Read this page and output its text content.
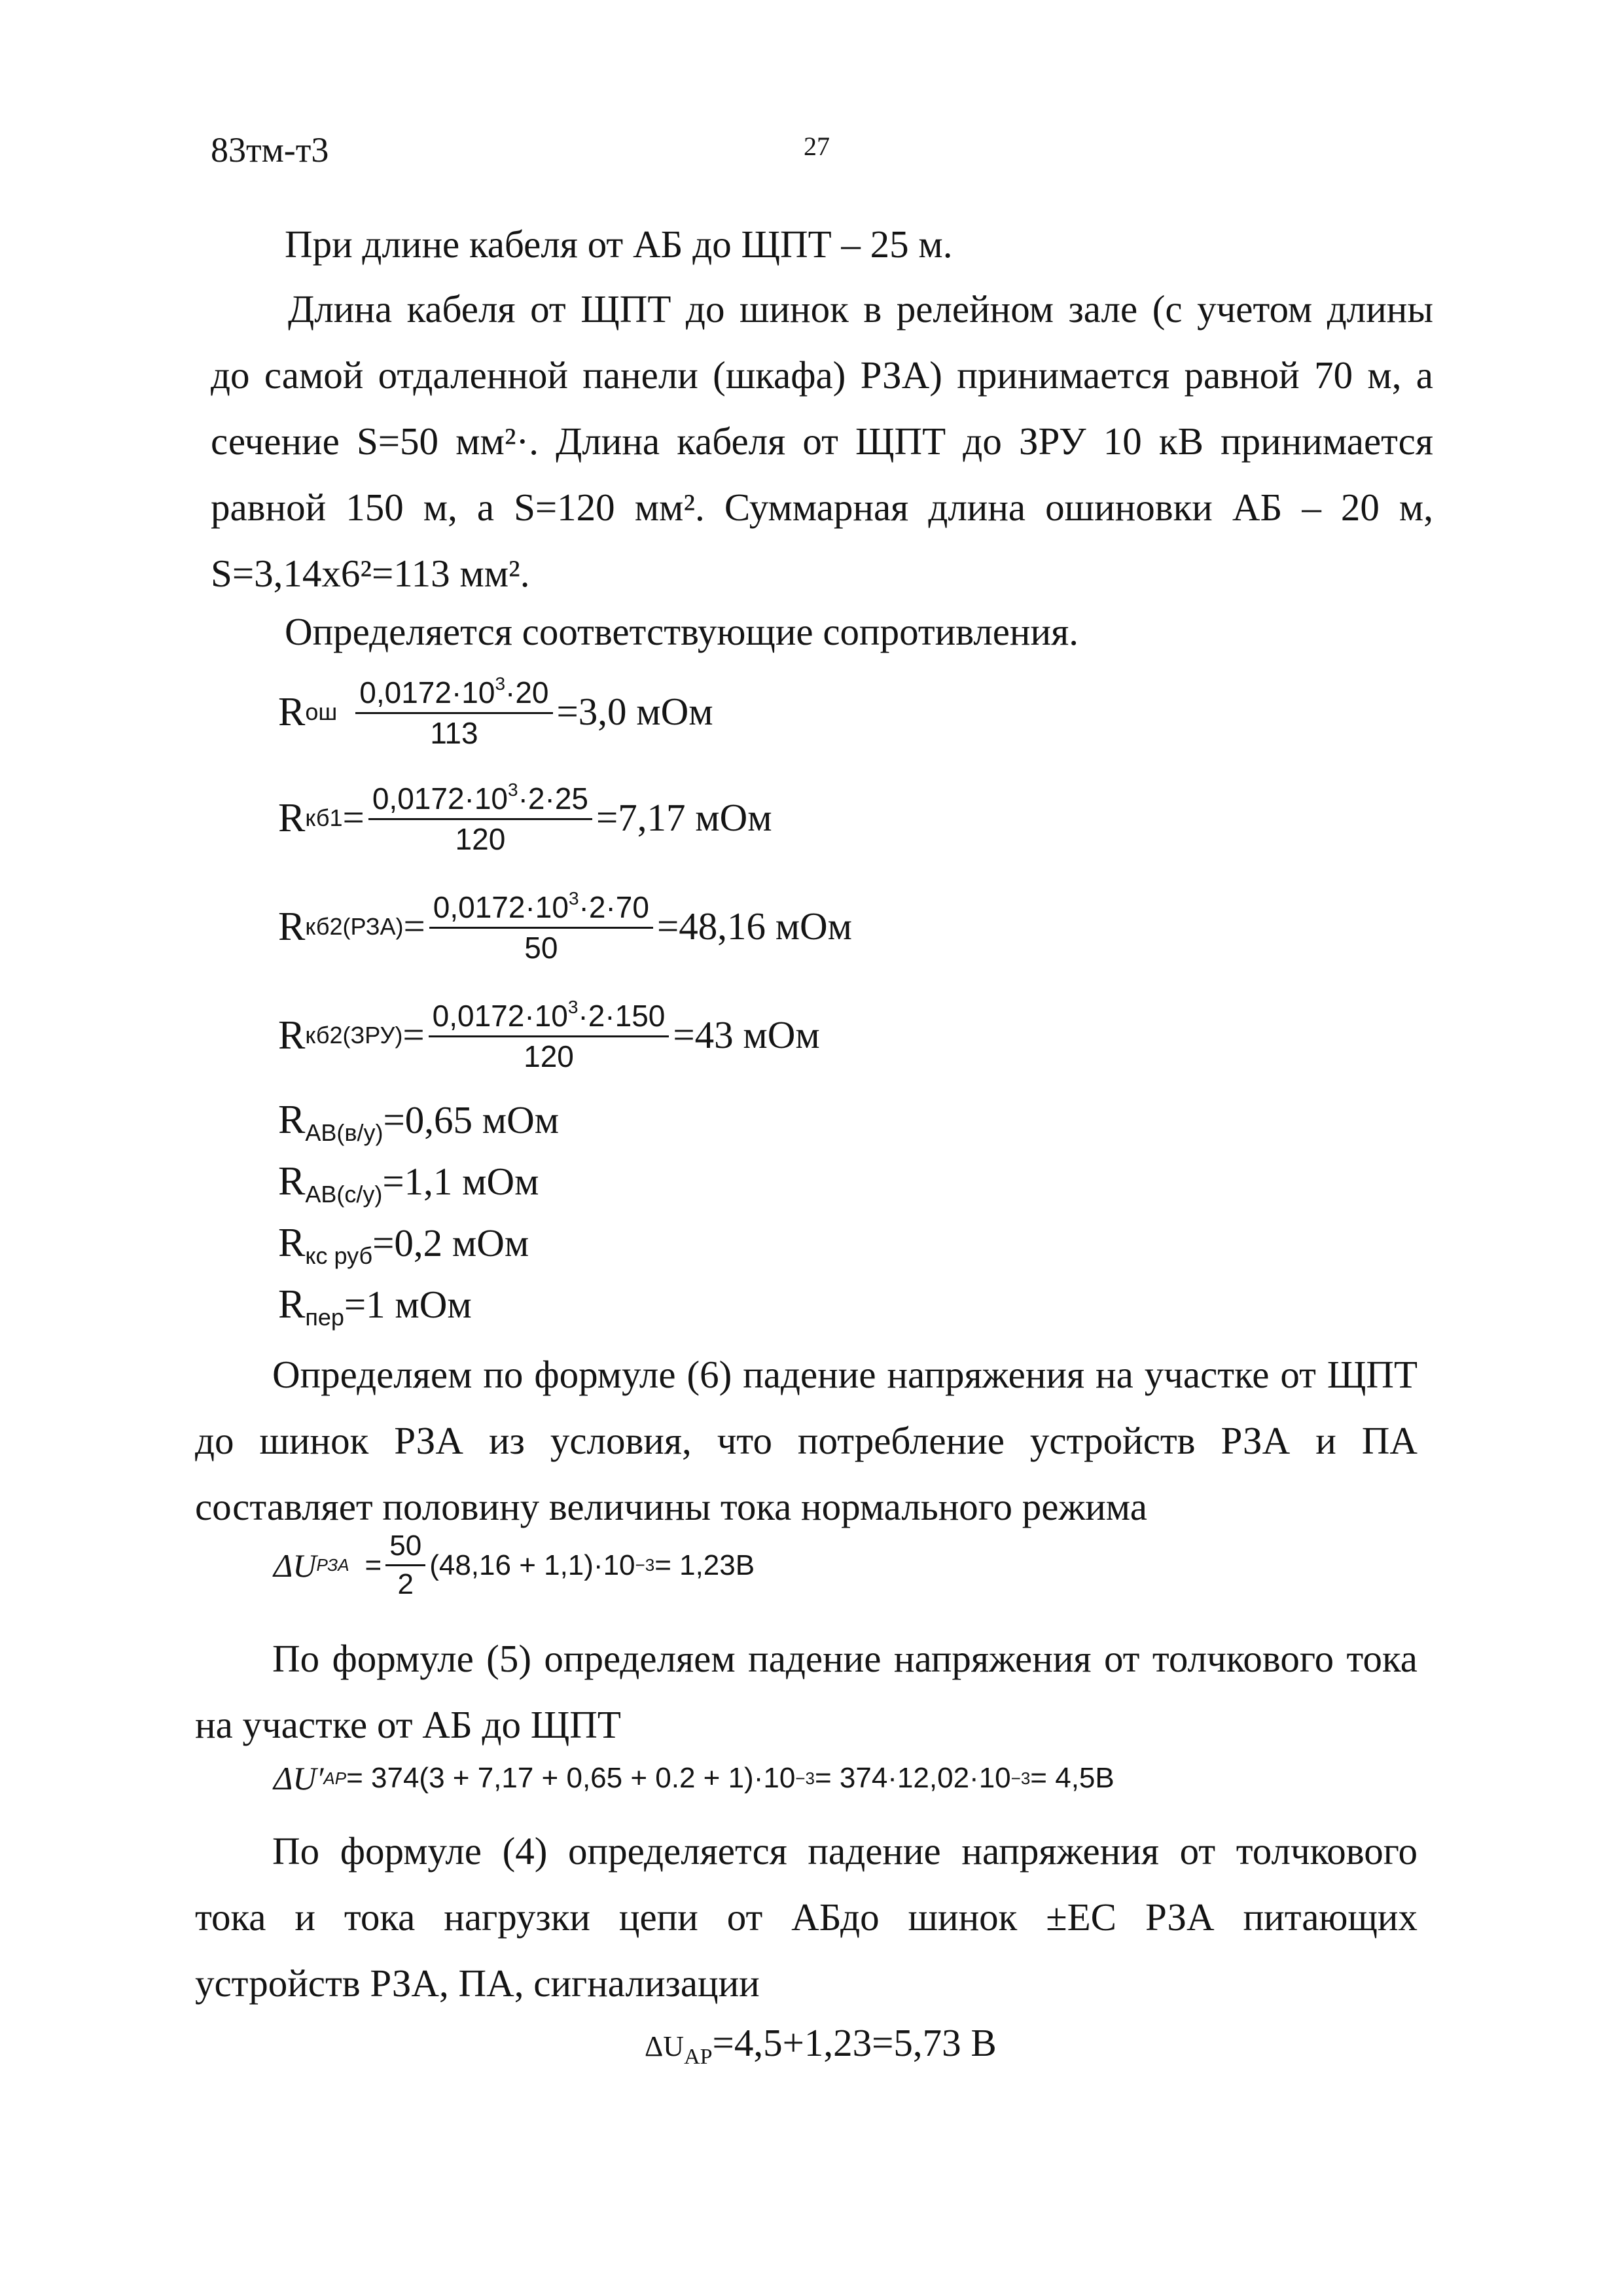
83тм-т3	27
При длине кабеля от АБ до ЩПТ – 25 м.
Длина кабеля от ЩПТ до шинок в релейном зале (с учетом длины
до самой отдаленной панели (шкафа) РЗА) принимается равной 70 м, а
сечение S=50 мм²·. Длина кабеля от ЩПТ до ЗРУ 10 кВ принимается
равной 150 м, а S=120 мм². Суммарная длина ошиновки АБ – 20 м,
S=3,14x6²=113 мм².
Определяется соответствующие сопротивления.
R ош $\frac{0,0172\cdot 10^3\cdot 20}{113} =3,0$ мОм
R $кб1 = \frac{0,0172\cdot 10^3\cdot 2\cdot 25}{120} =7,17$ мОм
R $кб2(РЗА) = \frac{0,0172\cdot 10^3\cdot 2\cdot 70}{50} =48,16$ мОм
R $кб2(ЗРУ) = \frac{0,0172\cdot 10^3\cdot 2\cdot 150}{120} =43$ мОм
$R_{АВ(в/у)}=0,65$ мОм
$R_{АВ(с/у)}=1,1$ мОм
$R_{кс руб}=0,2$ мОм
$R_{пер}=1$ мОм
Определяем по формуле (6) падение напряжения на участке от ЩПТ
до шинок РЗА из условия, что потребление устройств РЗА и ПА
составляет половину величины тока нормального режима
ΔU РЗА = $\frac{50}{2} (48,16 + 1,1)\cdot 10 -3 = 1,23В$
По формуле (5) определяем падение напряжения от толчкового тока
на участке от АБ до ЩПТ
ΔU′ АР = 374(3 + 7,17 + 0,65 + 0.2 + 1)·10 −3 = 374·12,02·10 −3 = 4,5В
По формуле (4) определяется падение напряжения от толчкового
тока и тока нагрузки цепи от АБдо шинок ±ЕС РЗА питающих
устройств РЗА, ПА, сигнализации
$\Delta U_{АР}=4,5+1,23=5,73$ В
